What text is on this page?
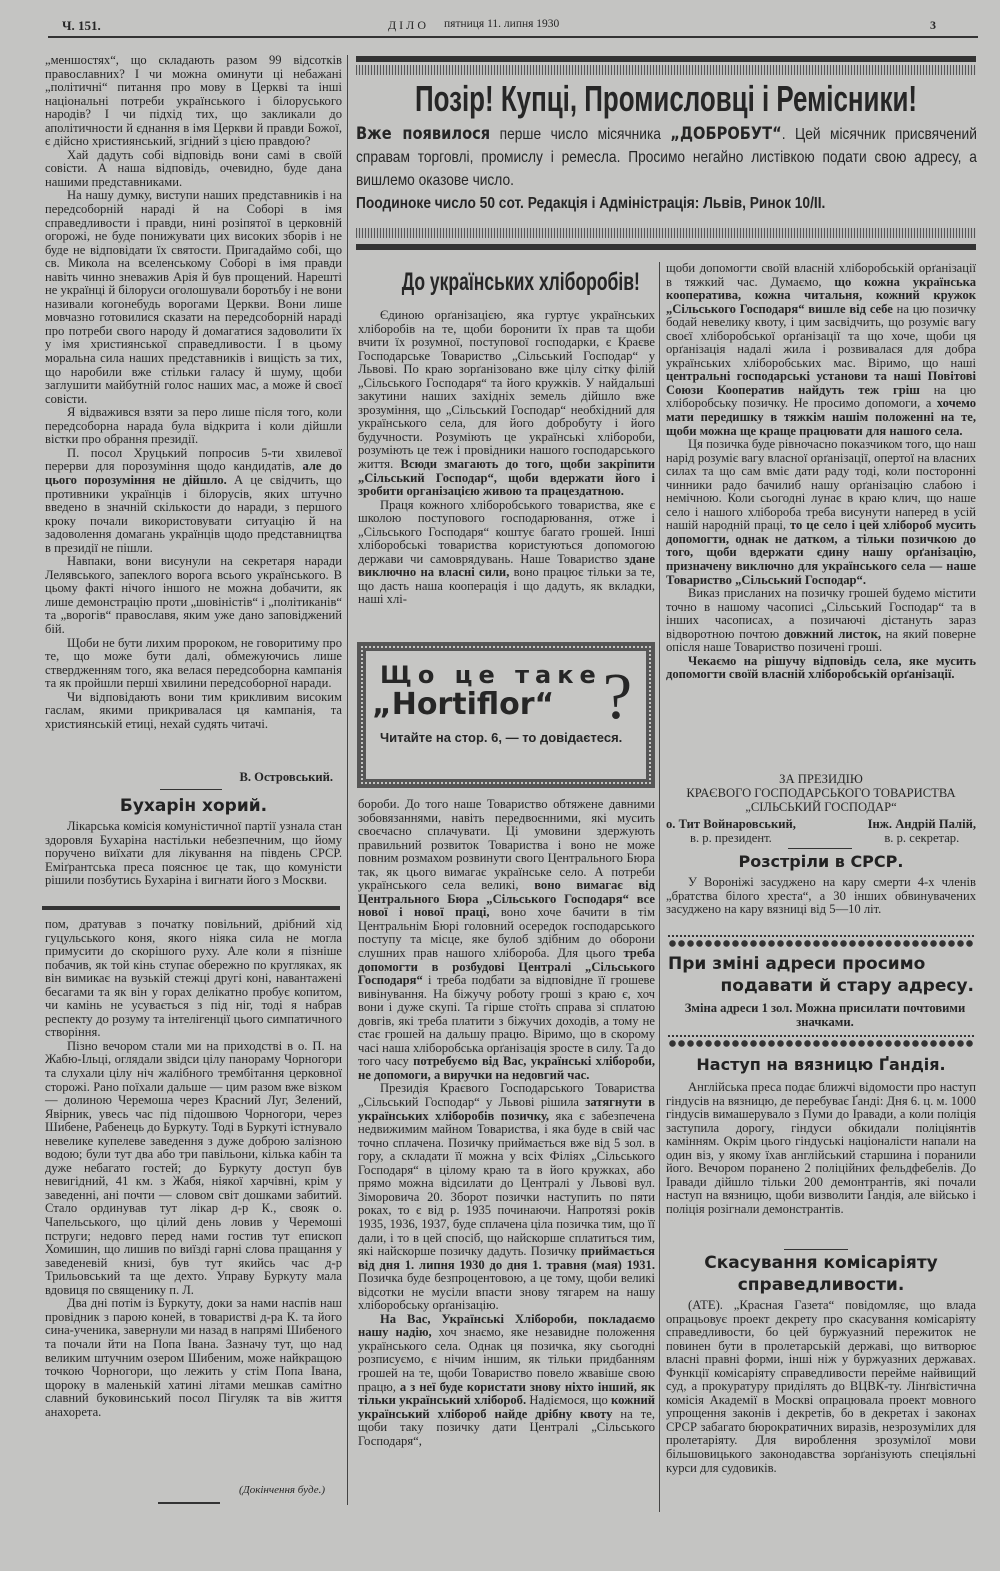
Ч. 151.	ДІЛО пятниця 11. липня 1930	3

„меншостях“, що складають разом 99 відсотків православних? І чи можна оминути ці небажані „політичні“ питання про мову в Церкві та інші національні потреби українського і білоруського народів? І чи підхід тих, що закликали до аполітичности й єднання в імя Церкви й правди Божої, є дійсно християнський, згідний з цією правдою?

Хай дадуть собі відповідь вони самі в своїй совісти. А наша відповідь, очевидно, буде дана нашими представниками.

На нашу думку, виступи наших представників і на передсоборній нараді й на Соборі в імя справедливости і правди, нині розіпятої в церковній огорожі, не буде понижувати цих високих зборів і не буде не відповідати їх святости. Пригадаймо собі, що св. Микола на вселенському Соборі в імя правди навіть чинно зневажив Арія й був прощений. Нарешті не українці й білоруси оголошували боротьбу і не вони називали когонебудь ворогами Церкви. Вони лише мовчазно готовилися сказати на передсоборній нараді про потреби свого народу й домагатися задоволити їх у імя християнської справедливости. І в цьому моральна сила наших представників і вищість за тих, що наробили вже стільки галасу й шуму, щоби заглушити майбутній голос наших мас, а може й своєї совісти.

Я відважився взяти за перо лише після того, коли передсоборна нарада була відкрита і коли дійшли вістки про обрання президії.

П. посол Хруцький попросив 5-ти хвилевої перерви для порозуміння щодо кандидатів, але до цього порозуміння не дійшло. А це свідчить, що противники українців і білорусів, яких штучно введено в значній скількости до наради, з першого кроку почали використовувати ситуацію й на задоволення домагань українців щодо представництва в президії не пішли.

Навпаки, вони висунули на секретаря наради Лелявського, запеклого ворога всього українського. В цьому факті нічого іншого не можна добачити, як лише демонстрацію проти „шовіністів“ і „політиканів“ та „ворогів“ православя, яким уже дано заповіджений бій.

Щоби не бути лихим пророком, не говоритиму про те, що може бути далі, обмежуючись лише ствердженням того, яка велася передсоборна кампанія та як пройшли перші хвилини передсоборної наради.

Чи відповідають вони тим крикливим високим гаслам, якими прикривалася ця кампанія, та християнській етиці, нехай судять читачі.

В. Островський.
Бухарін хорий.

Лікарська комісія комуністичної партії узнала стан здоровля Бухаріна настільки небезпечним, що йому поручено виїхати для лікування на південь СРСР. Еміґрантська преса пояснює це так, що комуністи рішили позбутись Бухаріна і вигнати його з Москви.

пом, дратував з початку повільний, дрібний хід гуцульського коня, якого ніяка сила не могла примусити до скорішого руху. Але коли я пізніше побачив, як той кінь ступає обережно по кругляках, як він вимикає на вузькій стежці другі коні, навантажені бесагами та як він у горах делікатно пробує копитом, чи камінь не усувається з під ніг, тоді я набрав респекту до розуму та інтелігенції цього симпатичного створіння.

Пізно вечором стали ми на приходстві в о. П. на Жабю-Ільці, оглядали звідси цілу панораму Чорногори та слухали цілу ніч жалібного трембітання церковної сторожі. Рано поїхали дальше — цим разом вже візком — долиною Черемоша через Красний Луг, Зелений, Явірник, увесь час під підошвою Чорногори, через Шибене, Рабенець до Буркуту. Тоді в Буркуті істнувало невелике купелеве заведення з дуже доброю залізною водою; були тут два або три павільони, кілька кабін та дуже небагато гостей; до Буркуту доступ був невигідний, 41 км. з Жабя, ніякої харчівні, крім у заведенні, ані почти — словом світ дошками забитий. Стало ординував тут лікар д-р К., свояк о. Чапельського, що цілий день ловив у Черемоші пструги; недовго перед нами гостив тут епископ Хомишин, що лишив по виїзді гарні слова пращання у заведеневій книзі, був тут якийсь час д-р Трильовський та ще дехто. Управу Буркуту мала вдовиця по священику п. Л.

Два дні потім із Буркуту, доки за нами наспів наш провідник з парою коней, в товаристві д-ра К. та його сина-ученика, завернули ми назад в напрямі Шибеного та почали йти на Попа Івана. Зазначу тут, що над великим штучним озером Шибеним, може найкращою точкою Чорногори, що лежить у стім Попа Івана, щороку в маленькій хатині літами мешкав самітно славний буковинський посол Пігуляк та вів життя анахорета.

(Докінчення буде.)
Позір! Купці, Промисловці і Ремісники!
Вже появилося перше число місячника „ДОБРОБУТ“. Цей місячник присвячений справам торговлі, промислу і ремесла. Просимо негайно листівкою подати свою адресу, а вишлемо оказове число.
Поодиноке число 50 сот. Редакція і Адміністрація: Львів, Ринок 10/II.
До українських хліборобів!

Єдиною орґанізацією, яка гуртує українських хліборобів на те, щоби боронити їх прав та щоби вчити їх розумної, поступової господарки, є Краєве Господарське Товариство „Сільський Господар“ у Львові. По краю зорґанізовано вже цілу сітку філій „Сільського Господаря“ та його кружків. У найдальші закутини наших західніх земель дійшло вже зрозуміння, що „Сільський Господар“ необхідний для українського села, для його добробуту і його будучности. Розуміють це українські хлібороби, розуміють це теж і провідники нашого господарського життя. Всюди змагають до того, щоби закріпити „Сільський Господар“, щоби вдержати його і зробити організацією живою та працездатною.

Праця кожного хліборобського товариства, яке є школою поступового господарювання, отже і „Сільського Господаря“ коштує багато грошей. Інші хліборобські товариства користуються допомогою держави чи самоврядувань. Наше Товариство здане виключно на власні сили, воно працює тільки за те, що дасть наша кооперація і що дадуть, як вкладки, наші хлі-

Що це таке
„Hortiflor“ ?
Читайте на стор. 6, — то довідаєтеся.

бороби. До того наше Товариство обтяжене давними зобовязаннями, навіть передвоєнними, які мусить своєчасно сплачувати. Ці умовини здержують правильний розвиток Товариства і воно не може повним розмахом розвинути свого Центрального Бюра так, як цього вимагає українське село. А потреби українського села великі, воно вимагає від Центрального Бюра „Сільського Господаря“ все нової і нової праці, воно хоче бачити в тім Центральнім Бюрі головний осередок господарського поступу та місце, яке булоб здібним до оборони слушних прав нашого хлібороба. Для цього треба допомогти в розбудові Централі „Сільського Господаря“ і треба подбати за відповідне її грошеве вивінування. На біжучу роботу гроші з краю є, хоч вони і дуже скупі. Та гірше стоїть справа зі сплатою довгів, які треба платити з біжучих доходів, а тому не стає грошей на дальшу працю. Віримо, що в скорому часі наша хліборобська орґанізація зросте в силу. Та до того часу потребуємо від Вас, українські хлібороби, не допомоги, а виручки на недовгий час.

Президія Краєвого Господарського Товариства „Сільський Господар“ у Львові рішила затягнути в українських хліборобів позичку, яка є забезпечена недвижимим майном Товариства, і яка буде в свій час точно сплачена. Позичку приймається вже від 5 зол. в гору, а складати її можна у всіх Філіях „Сільського Господаря“ в цілому краю та в його кружках, або прямо можна відсилати до Централі у Львові вул. Зіморовича 20. Зборот позички наступить по пяти роках, то є від р. 1935 починаючи. Напротязі років 1935, 1936, 1937, буде сплачена ціла позичка тим, що її дали, і то в цей спосіб, що найскорше сплатиться тим, які найскорше позичку дадуть. Позичку приймається від дня 1. липня 1930 до дня 1. травня (мая) 1931. Позичка буде безпроцентовою, а це тому, щоби великі відсотки не мусіли впасти знову тягарем на нашу хліборобську орґанізацію.

На Вас, Українські Хлібороби, покладаємо нашу надію, хоч знаємо, яке незавидне положення українського села. Однак ця позичка, яку сьогодні розписуємо, є нічим іншим, як тільки придбанням грошей на те, щоби Товариство повело жвавіше свою працю, а з неї буде користати знову ніхто інший, як тільки український хлібороб. Надіємося, що кожний український хлібороб найде дрібну квоту на те, щоби таку позичку дати Централі „Сільського Господаря“,

щоби допомогти своїй власній хліборобській орґанізації в тяжкий час. Думаємо, що кожна українська кооператива, кожна читальня, кожний кружок „Сільського Господаря“ вишле від себе на цю позичку бодай невелику квоту, і цим засвідчить, що розуміє вагу своєї хліборобської орґанізації та що хоче, щоби ця орґанізація надалі жила і розвивалася для добра українських хліборобських мас. Віримо, що наші центральні господарські установи та наші Повітові Союзи Кооператив найдуть теж гріш на цю хліборобську позичку. Не просимо допомоги, а хочемо мати передишку в тяжкім нашім положенні на те, щоби можна ще краще працювати для нашого села.

Ця позичка буде рівночасно показчиком того, що наш нарід розуміє вагу власної орґанізації, опертої на власних силах та що сам вміє дати раду тоді, коли посторонні чинники радо бачилиб нашу орґанізацію слабою і немічною. Коли сьогодні лунає в краю клич, що наше село і нашого хлібороба треба висунути наперед в усій нашій народній праці, то це село і цей хлібороб мусить допомогти, однак не датком, а тільки позичкою до того, щоби вдержати єдину нашу орґанізацію, призначену виключно для українського села — наше Товариство „Сільський Господар“.

Виказ присланих на позичку грошей будемо містити точно в нашому часописі „Сільський Господар“ та в інших часописах, а позичаючі дістануть зараз відворотною почтою довжний листок, на який поверне опісля наше Товариство позичені гроші.

Чекаємо на рішучу відповідь села, яке мусить допомогти своїй власній хліборобській орґанізації.

ЗА ПРЕЗИДІЮ
КРАЄВОГО ГОСПОДАРСЬКОГО ТОВАРИСТВА
„СІЛЬСЬКИЙ ГОСПОДАР“
о. Тит Войнаровський,
в. р. президент.
Інж. Андрій Палій,
в. р. секретар.
Розстріли в СРСР.

У Вороніжі засуджено на кару смерти 4-х членів „братства білого хреста“, а 30 інших обвинувачених засуджено на кару вязниці від 5—10 літ.

При зміні адреси просимо
подавати й стару адресу.
Зміна адреси 1 зол. Можна присилати почтовими значками.
Наступ на вязницю Ґандія.

Англійська преса подає ближчі відомости про наступ гіндусів на вязницю, де перебуває Ґанді: Дня 6. ц. м. 1000 гіндусів вимашерувало з Пуми до Іравади, а коли поліція заступила дорогу, гіндуси обкидали поліціянтів камінням. Окрім цього гіндуські націоналісти напали на один віз, у якому їхав англійський старшина і поранили його. Вечором поранено 2 поліційних фельдфебелів. До Іравади дійшло тільки 200 демонтрантів, які почали наступ на вязницю, щоби визволити Ґандія, але військо і поліція розігнали демонстрантів.

Скасування комісаріяту справедливости.

(АТЕ). „Красная Газета“ повідомляє, що влада опрацьовує проект декрету про скасування комісаріяту справедливости, бо цей буржуазний пережиток не повинен бути в пролетарській державі, що витворює власні правні форми, інші ніж у буржуазних державах. Функції комісаріяту справедливости перейме найвищий суд, а прокуратуру приділять до ВЦВК-ту. Лінґвістична комісія Академії в Москві опрацювала проект мовного упрощення законів і декретів, бо в декретах і законах СРСР забагато бюрократичних виразів, незрозумілих для пролетаріяту. Для вироблення зрозумілої мови більшовицького законодавства зорґанізують спеціяльні курси для судовиків.
